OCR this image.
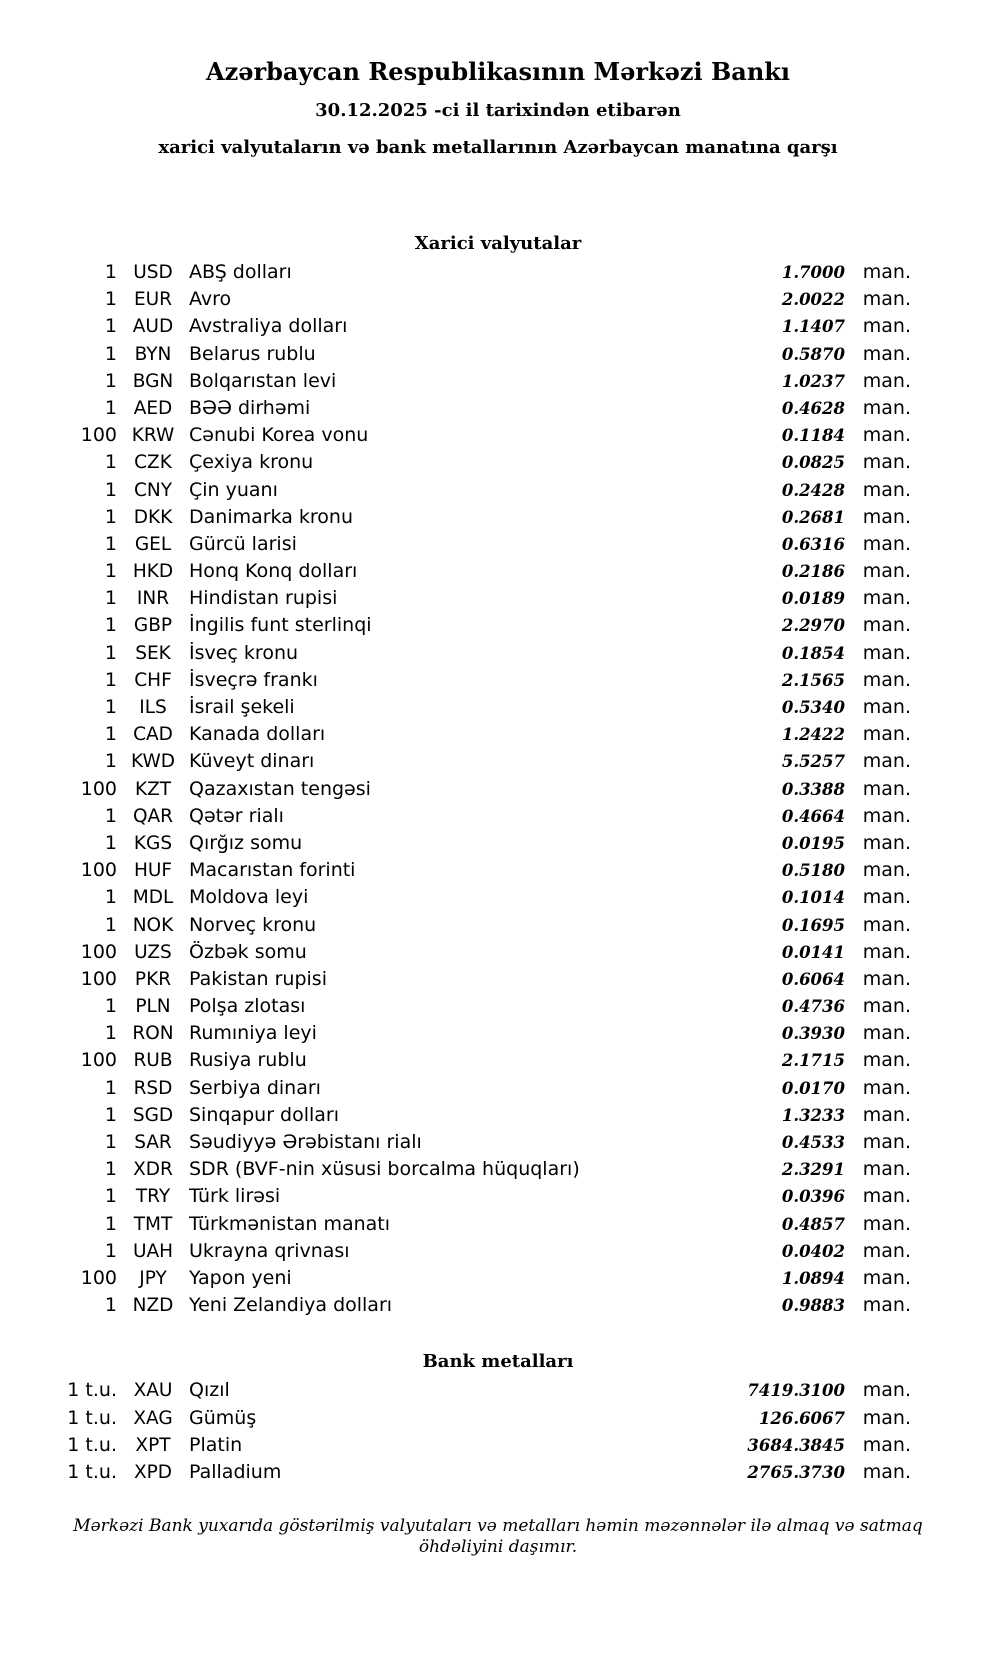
Azərbaycan Respublikasının Mərkəzi Bankı
30.12.2025 -ci il tarixindən etibarən
xarici valyutaların və bank metallarının Azərbaycan manatına qarşı
Xarici valyutalar
1 USD ABŞ dolları	1.7000 man.
1 EUR Avro	2.0022 man.
1 AUD Avstraliya dolları	1.1407 man.
1 BYN Belarus rublu	0.5870 man.
1 BGN Bolqarıstan levi	1.0237 man.
1 AED BƏƏ dirhəmi	0.4628 man.
100 KRW Cənubi Korea vonu	0.1184 man.
1 CZK Çexiya kronu	0.0825 man.
1 CNY Çin yuanı	0.2428 man.
1 DKK Danimarka kronu	0.2681 man.
1 GEL Gürcü larisi	0.6316 man.
1 HKD Honq Konq dolları	0.2186 man.
1	INR	Hindistan rupisi	0.0189 man.
1 GBP İngilis funt sterlinqi	2.2970 man.
1 SEK İsveç kronu	0.1854 man.
1 CHF İsveçrə frankı	2.1565 man.
1	ILS	İsrail şekeli	0.5340 man.
1 CAD Kanada dolları	1.2422 man.
1 KWD Küveyt dinarı	5.5257 man.
100 KZT Qazaxıstan tengəsi	0.3388 man.
1 QAR Qətər rialı	0.4664 man.
1 KGS Qırğız somu	0.0195 man.
100 HUF Macarıstan forinti	0.5180 man.
1 MDL Moldova leyi	0.1014 man.
1 NOK Norveç kronu	0.1695 man.
100 UZS Özbək somu	0.0141 man.
100 PKR Pakistan rupisi	0.6064 man.
1 PLN Polşa zlotası	0.4736 man.
1 RON Rumıniya leyi	0.3930 man.
100 RUB Rusiya rublu	2.1715 man.
1 RSD Serbiya dinarı	0.0170 man.
1 SGD Sinqapur dolları	1.3233 man.
1 SAR Səudiyyə Ərəbistanı rialı	0.4533 man.
1 XDR SDR (BVF-nin xüsusi borcalma hüquqları)	2.3291 man.
1	TRY Türk lirəsi	0.0396 man.
1 TMT Türkmənistan manatı	0.4857 man.
1 UAH Ukrayna qrivnası	0.0402 man.
100	JPY	Yapon yeni	1.0894 man.
1 NZD Yeni Zelandiya dolları	0.9883 man.
Bank metalları
1 t.u. XAU Qızıl	7419.3100 man.
1 t.u. XAG Gümüş	126.6067 man.
1 t.u. XPT Platin	3684.3845 man.
1 t.u. XPD Palladium	2765.3730 man.
Mərkəzi Bank yuxarıda göstərilmiş valyutaları və metalları həmin məzənnələr ilə almaq və satmaq öhdəliyini daşımır.
